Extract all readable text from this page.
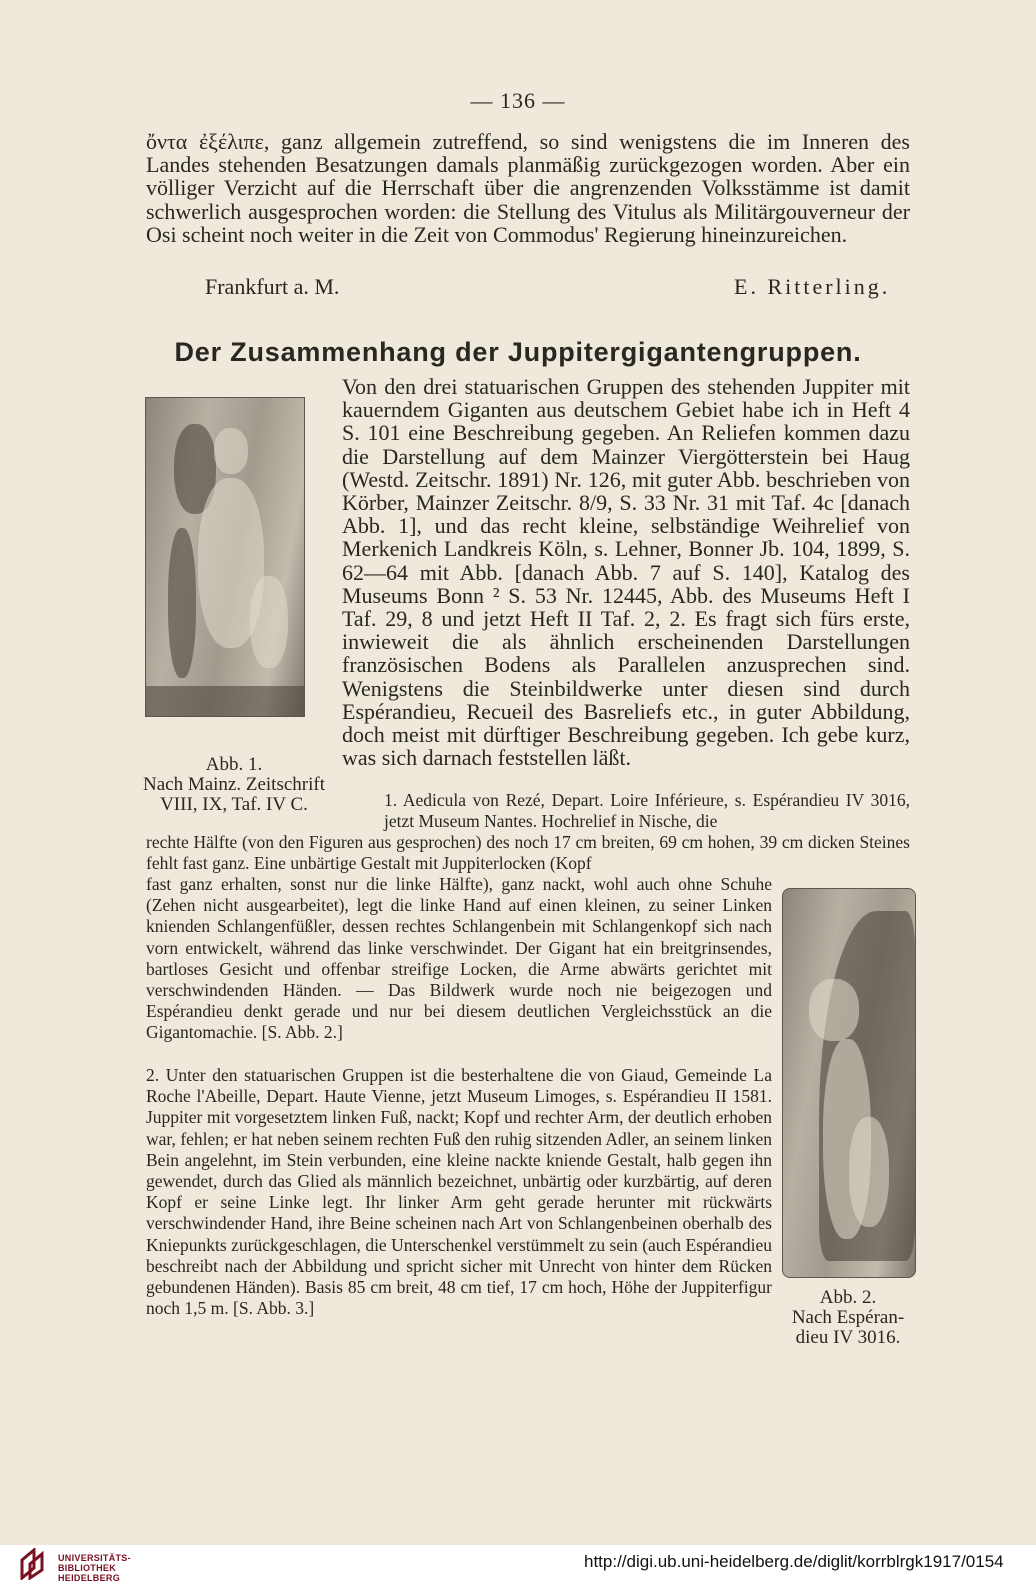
— 136 —

ὄντα ἐξέλιπε, ganz allgemein zutreffend, so sind wenigstens die im Inneren des Landes stehenden Besatzungen damals planmäßig zurückgezogen worden. Aber ein völliger Verzicht auf die Herrschaft über die angrenzenden Volksstämme ist damit schwerlich ausgesprochen worden: die Stellung des Vitulus als Militärgouverneur der Osi scheint noch weiter in die Zeit von Commodus' Regierung hineinzureichen.

Frankfurt a. M.	E. Ritterling.
Der Zusammenhang der Juppitergigantengruppen.

Von den drei statuarischen Gruppen des stehenden Juppiter mit kauerndem Giganten aus deutschem Gebiet habe ich in Heft 4 S. 101 eine Beschreibung gegeben. An Reliefen kommen dazu die Darstellung auf dem Mainzer Viergötterstein bei Haug (Westd. Zeitschr. 1891) Nr. 126, mit guter Abb. beschrieben von Körber, Mainzer Zeitschr. 8/9, S. 33 Nr. 31 mit Taf. 4c [danach Abb. 1], und das recht kleine, selbständige Weihrelief von Merkenich Landkreis Köln, s. Lehner, Bonner Jb. 104, 1899, S. 62—64 mit Abb. [danach Abb. 7 auf S. 140], Katalog des Museums Bonn ² S. 53 Nr. 12445, Abb. des Museums Heft I Taf. 29, 8 und jetzt Heft II Taf. 2, 2. Es fragt sich fürs erste, inwieweit die als ähnlich erscheinenden Darstellungen französischen Bodens als Parallelen anzusprechen sind. Wenigstens die Steinbildwerke unter diesen sind durch Espérandieu, Recueil des Basreliefs etc., in guter Abbildung, doch meist mit dürftiger Beschreibung gegeben. Ich gebe kurz, was sich darnach feststellen läßt.

Abb. 1.
Nach Mainz. Zeitschrift
VIII, IX, Taf. IV C.	1. Aedicula von Rezé, Depart. Loire Inférieure, s. Espérandieu IV 3016, jetzt Museum Nantes. Hochrelief in Nische, die

rechte Hälfte (von den Figuren aus gesprochen) des noch 17 cm breiten, 69 cm hohen, 39 cm dicken Steines fehlt fast ganz. Eine unbärtige Gestalt mit Juppiterlocken (Kopf

fast ganz erhalten, sonst nur die linke Hälfte), ganz nackt, wohl auch ohne Schuhe (Zehen nicht ausgearbeitet), legt die linke Hand auf einen kleinen, zu seiner Linken knienden Schlangenfüßler, dessen rechtes Schlangenbein mit Schlangenkopf sich nach vorn entwickelt, während das linke verschwindet. Der Gigant hat ein breitgrinsendes, bartloses Gesicht und offenbar streifige Locken, die Arme abwärts gerichtet mit verschwindenden Händen. — Das Bildwerk wurde noch nie beigezogen und Espérandieu denkt gerade und nur bei diesem deutlichen Vergleichsstück an die Gigantomachie. [S. Abb. 2.]

Abb. 2.
Nach Espéran-
dieu IV 3016.

2. Unter den statuarischen Gruppen ist die besterhaltene die von Giaud, Gemeinde La Roche l'Abeille, Depart. Haute Vienne, jetzt Museum Limoges, s. Espérandieu II 1581. Juppiter mit vorgesetztem linken Fuß, nackt; Kopf und rechter Arm, der deutlich erhoben war, fehlen; er hat neben seinem rechten Fuß den ruhig sitzenden Adler, an seinem linken Bein angelehnt, im Stein verbunden, eine kleine nackte kniende Gestalt, halb gegen ihn gewendet, durch das Glied als männlich bezeichnet, unbärtig oder kurzbärtig, auf deren Kopf er seine Linke legt. Ihr linker Arm geht gerade herunter mit rückwärts verschwindender Hand, ihre Beine scheinen nach Art von Schlangenbeinen oberhalb des Kniepunkts zurückgeschlagen, die Unterschenkel verstümmelt zu sein (auch Espérandieu beschreibt nach der Abbildung und spricht sicher mit Unrecht von hinter dem Rücken gebundenen Händen). Basis 85 cm breit, 48 cm tief, 17 cm hoch, Höhe der Juppiterfigur noch 1,5 m. [S. Abb. 3.]

UNIVERSITÄTS-
BIBLIOTHEK
HEIDELBERG
http://digi.ub.uni-heidelberg.de/diglit/korrblrgk1917/0154
